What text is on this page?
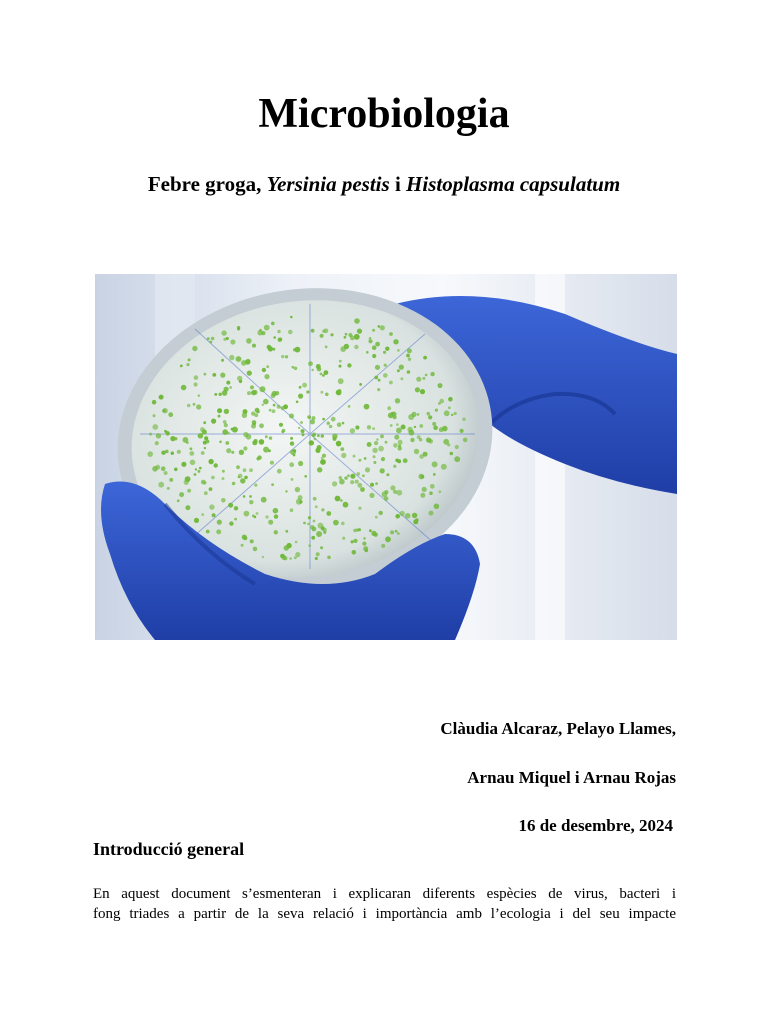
Microbiologia
Febre groga, Yersinia pestis i Histoplasma capsulatum
Clàudia Alcaraz, Pelayo Llames,
Arnau Miquel i Arnau Rojas
16 de desembre, 2024
Introducció general
En aquest document s’esmenteran i explicaran diferents espècies de virus, bacteri i
fong triades a partir de la seva relació i importància amb l’ecologia i del seu impacte
